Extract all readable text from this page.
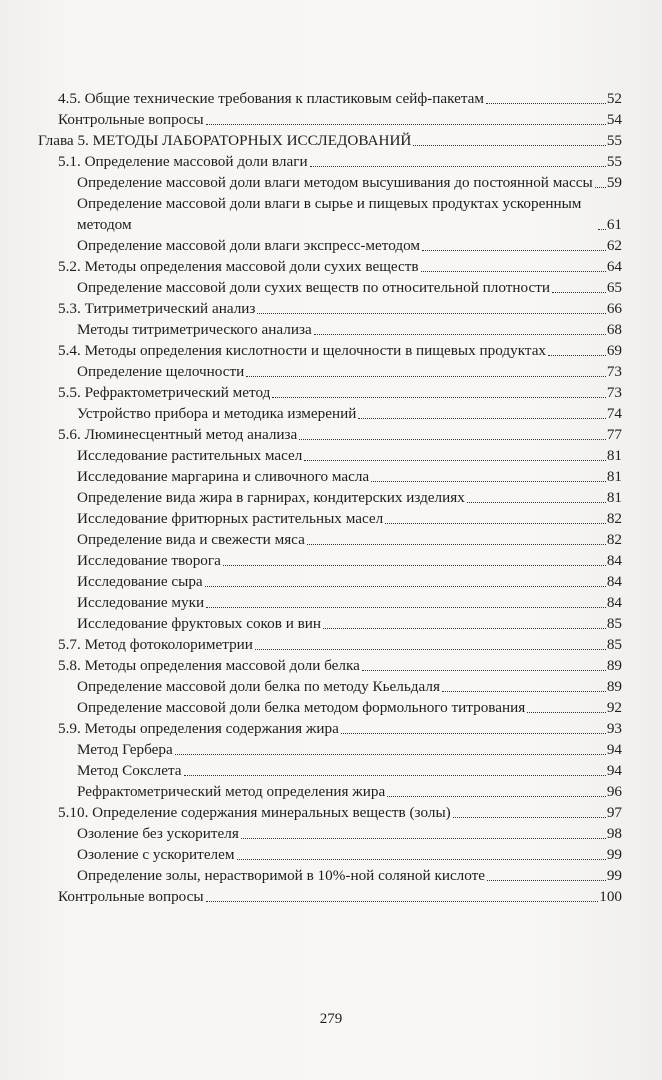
4.5. Общие технические требования к пластиковым сейф-пакетам	52
Контрольные вопросы	54
Глава 5. МЕТОДЫ ЛАБОРАТОРНЫХ ИССЛЕДОВАНИЙ	55
5.1. Определение массовой доли влаги	55
Определение массовой доли влаги методом высушивания до постоянной массы 59
Определение массовой доли влаги в сырье и пищевых продуктах ускоренным методом	61
Определение массовой доли влаги экспресс-методом	62
5.2. Методы определения массовой доли сухих веществ	64
Определение массовой доли сухих веществ по относительной плотности	65
5.3. Титриметрический анализ	66
Методы титриметрического анализа	68
5.4. Методы определения кислотности и щелочности в пищевых продуктах	69
Определение щелочности	73
5.5. Рефрактометрический метод	73
Устройство прибора и методика измерений	74
5.6. Люминесцентный метод анализа	77
Исследование растительных масел	81
Исследование маргарина и сливочного масла	81
Определение вида жира в гарнирах, кондитерских изделиях	81
Исследование фритюрных растительных масел	82
Определение вида и свежести мяса	82
Исследование творога	84
Исследование сыра	84
Исследование муки	84
Исследование фруктовых соков и вин	85
5.7. Метод фотоколориметрии	85
5.8. Методы определения массовой доли белка	89
Определение массовой доли белка по методу Кьельдаля	89
Определение массовой доли белка методом формольного титрования	92
5.9. Методы определения содержания жира	93
Метод Гербера	94
Метод Сокслета	94
Рефрактометрический метод определения жира	96
5.10. Определение содержания минеральных веществ (золы)	97
Озоление без ускорителя	98
Озоление с ускорителем	99
Определение золы, нерастворимой в 10%-ной соляной кислоте	99
Контрольные вопросы	100
279
